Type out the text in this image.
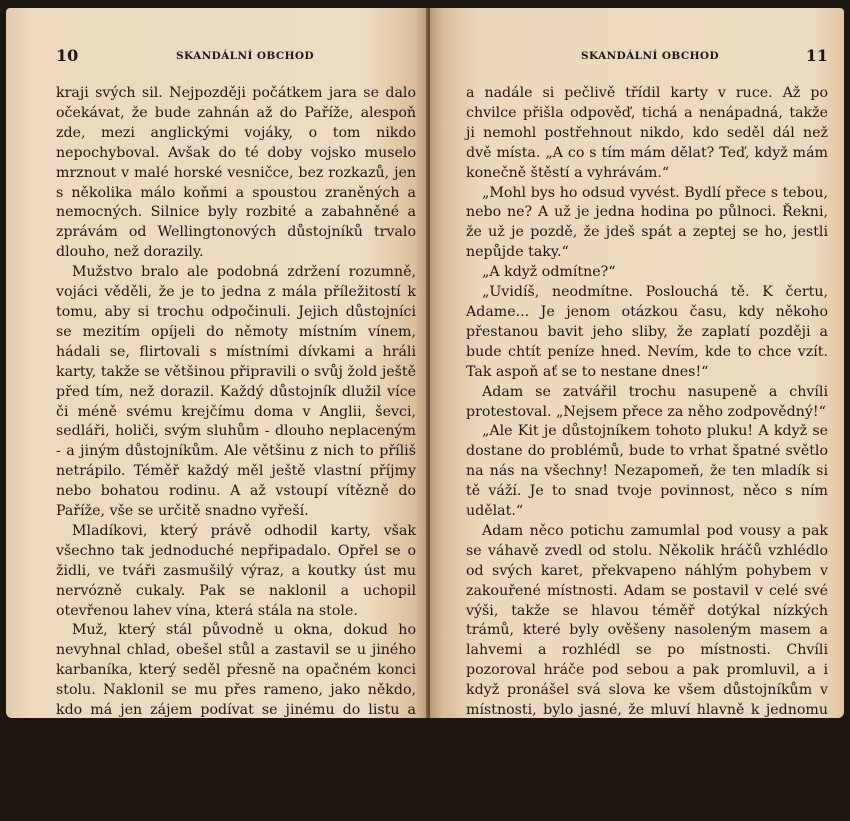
10	SKANDÁLNÍ OBCHOD

kraji svých sil. Nejpozději počátkem jara se dalo očekávat, že bude zahnán až do Paříže, alespoň zde, mezi anglickými vojáky, o tom nikdo nepochyboval. Avšak do té doby vojsko muselo mrznout v malé horské vesničce, bez rozkazů, jen s několika málo koňmi a spoustou zraněných a nemocných. Silnice byly rozbité a zabahněné a zprávám od Wellingtonových důstojníků trvalo dlouho, než dorazily.

Mužstvo bralo ale podobná zdržení rozumně, vojáci věděli, že je to jedna z mála příležitostí k tomu, aby si trochu odpočinuli. Jejich důstojníci se mezitím opíjeli do němoty místním vínem, hádali se, flirtovali s místními dívkami a hráli karty, takže se většinou připravili o svůj žold ještě před tím, než dorazil. Každý důstojník dlužil více či méně svému krejčímu doma v Anglii, ševci, sedláři, holiči, svým sluhům - dlouho neplaceným - a jiným důstojníkům. Ale většinu z nich to příliš netrápilo. Téměř každý měl ještě vlastní příjmy nebo bohatou rodinu. A až vstoupí vítězně do Paříže, vše se určitě snadno vyřeší.

Mladíkovi, který právě odhodil karty, však všechno tak jednoduché nepřipadalo. Opřel se o židli, ve tváři zasmušilý výraz, a koutky úst mu nervózně cukaly. Pak se naklonil a uchopil otevřenou lahev vína, která stála na stole.

Muž, který stál původně u okna, dokud ho nevyhnal chlad, obešel stůl a zastavil se u jiného karbaníka, který seděl přesně na opačném konci stolu. Naklonil se mu přes rameno, jako někdo, kdo má jen zájem podívat se jinému do listu a odhadnout, jak se bude hra vyvíjet dál. „Kit strašně prohrává - dnes už je to třetí den za sebou. A kromě toho je ještě opilý,“ zašeptal.

Důstojník sedící pod ním se však ani nepohnul

SKANDÁLNÍ OBCHOD	11

a nadále si pečlivě třídil karty v ruce. Až po chvilce přišla odpověď, tichá a nenápadná, takže ji nemohl postřehnout nikdo, kdo seděl dál než dvě místa. „A co s tím mám dělat? Teď, když mám konečně štěstí a vyhrávám.“

„Mohl bys ho odsud vyvést. Bydlí přece s tebou, nebo ne? A už je jedna hodina po půlnoci. Řekni, že už je pozdě, že jdeš spát a zeptej se ho, jestli nepůjde taky.“

„A když odmítne?“

„Uvidíš, neodmítne. Poslouchá tě. K čertu, Adame... Je jenom otázkou času, kdy někoho přestanou bavit jeho sliby, že zaplatí později a bude chtít peníze hned. Nevím, kde to chce vzít. Tak aspoň ať se to nestane dnes!“

Adam se zatvářil trochu nasupeně a chvíli protestoval. „Nejsem přece za něho zodpovědný!“

„Ale Kit je důstojníkem tohoto pluku! A když se dostane do problémů, bude to vrhat špatné světlo na nás na všechny! Nezapomeň, že ten mladík si tě váží. Je to snad tvoje povinnost, něco s ním udělat.“

Adam něco potichu zamumlal pod vousy a pak se váhavě zvedl od stolu. Několik hráčů vzhlédlo od svých karet, překvapeno náhlým pohybem v zakouřené místnosti. Adam se postavil v celé své výši, takže se hlavou téměř dotýkal nízkých trámů, které byly ověšeny nasoleným masem a lahvemi a rozhlédl se po místnosti. Chvíli pozoroval hráče pod sebou a pak promluvil, a i když pronášel svá slova ke všem důstojníkům v místnosti, bylo jasné, že mluví hlavně k jednomu mladému vojákovi.

„Už je pozdě, pánové, a myslím, že pro mě nadešel čas jít do postele. Brzy ráno musím být na nohou a jestli mě švábi vůbec nechají usnout, budu naprosto šťastný. Kite... půjdeš taky?“
